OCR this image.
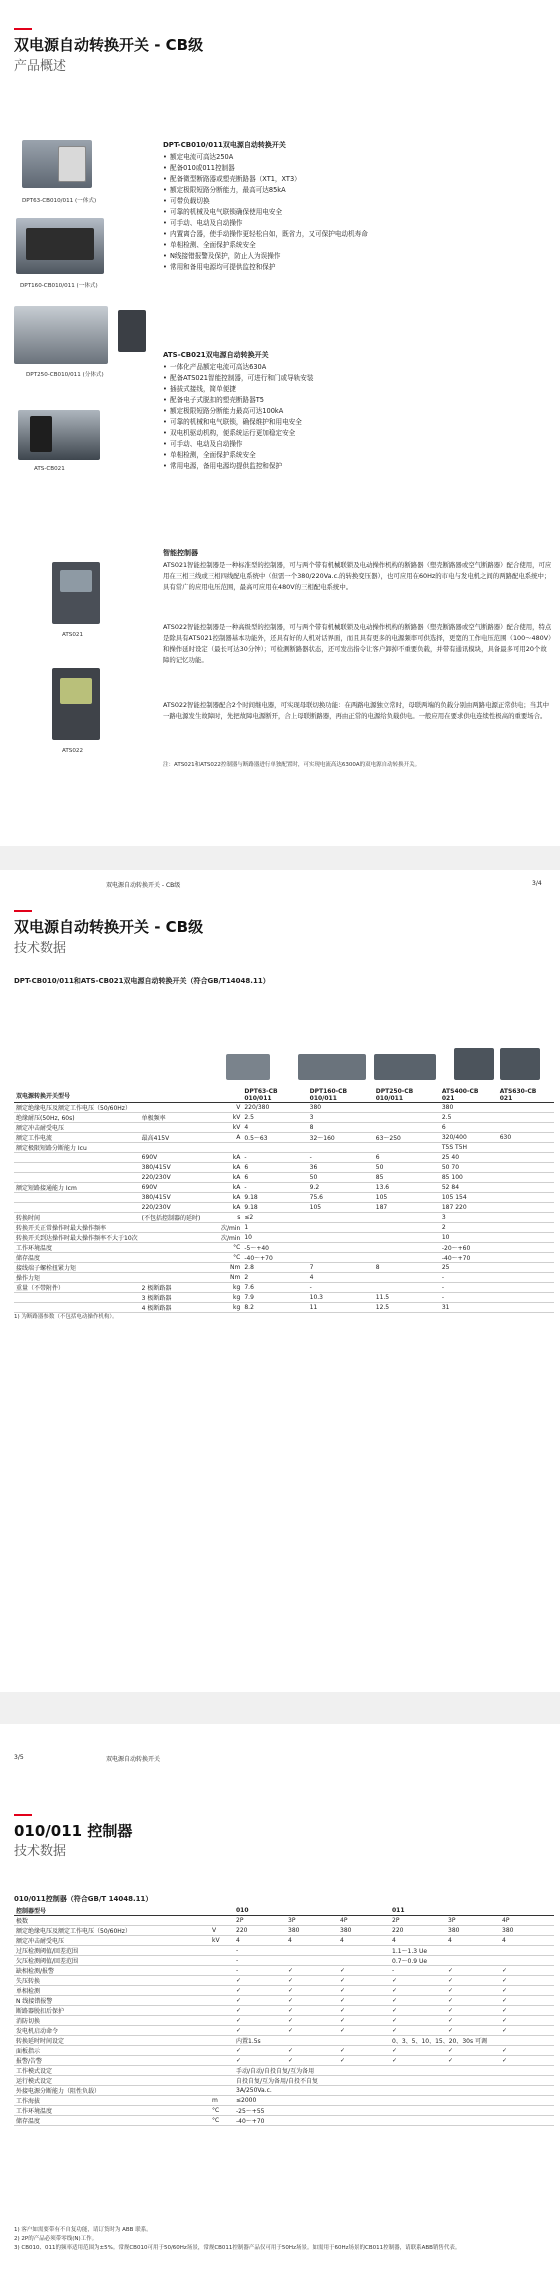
双电源自动转换开关 - CB级
产品概述
DPT63-CB010/011 (一体式)
DPT160-CB010/011 (一体式)
DPT250-CB010/011 (分体式)
ATS-CB021
ATS021
ATS022
DPT-CB010/011双电源自动转换开关
• 额定电流可高达250A
• 配备010或011控制器
• 配备微型断路器或塑壳断路器（XT1，XT3）
• 额定极限短路分断能力，最高可达85kA
• 可带负载切换
• 可靠的机械及电气联锁确保使用电安全
• 可手动、电动及自动操作
• 内置离合器，使手动操作更轻松自如，既省力，又可保护电动机寿命
• 单相检测、全面保护系统安全
• N线接错报警及保护，防止人为误操作
• 常用和备用电源均可提供监控和保护
ATS-CB021双电源自动转换开关
• 一体化产品额定电流可高达630A
• 配备ATS021智能控制器，可进行和门或导轨安装
• 插拔式接线，简单便捷
• 配备电子式脱扣的塑壳断路器T5
• 额定极限短路分断能力最高可达100kA
• 可靠的机械和电气联锁，确保维护和用电安全
• 双电机驱动机构，便系统运行更加稳定安全
• 可手动、电动及自动操作
• 单相检测，全面保护系统安全
• 常用电源，备用电源均提供监控和保护
智能控制器

ATS021智能控制器是一种标准型的控制器，可与两个带有机械联锁及电动操作机构的断路器（塑壳断路器或空气断路器）配合使用，可应用在三相三线或三相四线配电系统中（但需一个380/220Va.c.的转换变压器），也可应用在60Hz的市电与发电机之间的两路配电系统中；具有常广的应用电压范围，最高可应用在480V的三相配电系统中。

ATS022智能控制器是一种高级型的控制器，可与两个带有机械联锁及电动操作机构的断路器（塑壳断路器或空气断路器）配合使用，特点是除具有ATS021控制器基本功能外，还具有好的人机对话界面，而且具有更多的电源频率可供选择，更宽的工作电压范围（100～480V）和操作延时设定（最长可达30分钟）；可检测断路器状态，还可发出指令让客户卸掉不重要负载，并带有通讯模块，具备最多可用20个故障的记忆功能。

ATS022智能控制器配合2个时间继电器，可实现母联切换功能：在两路电源独立常时，母联两端的负载分别由两路电源正常供电；当其中一路电源发生故障时，先把故障电源断开，合上母联断路器，再由正常的电源给负载供电。一般应用在要求供电连续性极高的重要场合。

注：ATS021和ATS022控制器与断路器进行单独配置时，可实现电流高达6300A的双电源自动转换开关。
双电源自动转换开关 - CB级	3/4
双电源自动转换开关 - CB级
技术数据
DPT-CB010/011和ATS-CB021双电源自动转换开关（符合GB/T14048.11）
双电源转换开关型号			DPT63-CB
010/011	DPT160-CB
010/011	DPT250-CB
010/011	ATS400-CB
021	ATS630-CB
021
额定绝缘电压及额定工作电压（50/60Hz）		V	220/380	380		380	
绝缘耐压(50Hz, 60s)	单极频率	kV	2.5	3		2.5	
额定冲击耐受电压		kV	4	8		6	
额定工作电流	最高415V	A	0.5～63	32～160	63～250	320/400	630
额定极限短路分断能力 Icu						T5S T5H	
	690V	kA	-	-	6	25 40	
	380/415V	kA	6	36	50	50 70	
	220/230V	kA	6	50	85	85 100	
额定短路接通能力 Icm	690V	kA	-	9.2	13.6	52 84	
	380/415V	kA	9.18	75.6	105	105 154	
	220/230V	kA	9.18	105	187	187 220	
转换时间	(不包括控制器的延时)	s	≤2			3	
转换开关正常操作时最大操作频率		次/min	1			2	
转换开关到达操作时最大操作频率不大于10次		次/min	10			10	
工作环境温度		°C	-5～+40			-20～+60	
储存温度		°C	-40～+70			-40～+70	
接线端子螺栓扭紧力矩		Nm	2.8	7	8	25	
操作力矩		Nm	2	4		-	
重量（不带附件）	2 极断路器	kg	7.6	-		-	
	3 极断路器	kg	7.9	10.3	11.5	-	
	4 极断路器	kg	8.2	11	12.5	31	
1) 为断路器参数（不包括电动操作机构）。
3/5	双电源自动转换开关
010/011 控制器
技术数据
010/011控制器（符合GB/T 14048.11）
控制器型号		010			011		
极数		2P	3P	4P	2P	3P	4P
额定绝缘电压及额定工作电压（50/60Hz）	V	220	380	380	220	380	380
额定冲击耐受电压	kV	4	4	4	4	4	4
过压检测阈值/回差范围		-			1.1～1.3 Ue		
欠压检测阈值/回差范围		-			0.7～0.9 Ue		
缺相检测/报警		-	✓	✓	-	✓	✓
失压转换		✓	✓	✓	✓	✓	✓
单相检测		✓	✓	✓	✓	✓	✓
N 线接错报警		✓	✓	✓	✓	✓	✓
断路器脱扣后保护		✓	✓	✓	✓	✓	✓
消防切换		✓	✓	✓	✓	✓	✓
发电机启动命令		✓	✓	✓	✓	✓	✓
转换延时时间设定		内置1.5s			0、3、5、10、15、20、30s 可调		
面板指示		✓	✓	✓	✓	✓	✓
报警/告警		✓	✓	✓	✓	✓	✓
工作模式设定		手动/自动/自投自复/互为备用					
运行模式设定		自投自复/互为备用/自投不自复					
外接电源分断能力（阻性负载）		3A/250Va.c.					
工作海拔	m	≤2000					
工作环境温度	°C	-25～+55					
储存温度	°C	-40～+70					
1) 客户如需要带有不自复功能，请订货时为 ABB 联系。
2) 2P的产品必须带零线(N)工作。
3) CB010、011的频率适用范围为±5%。常规CB010可用于50/60Hz场景，常规CB011控制器产品仅可用于50Hz场景。如需用于60Hz场景的CB011控制器，请联系ABB销售代表。
